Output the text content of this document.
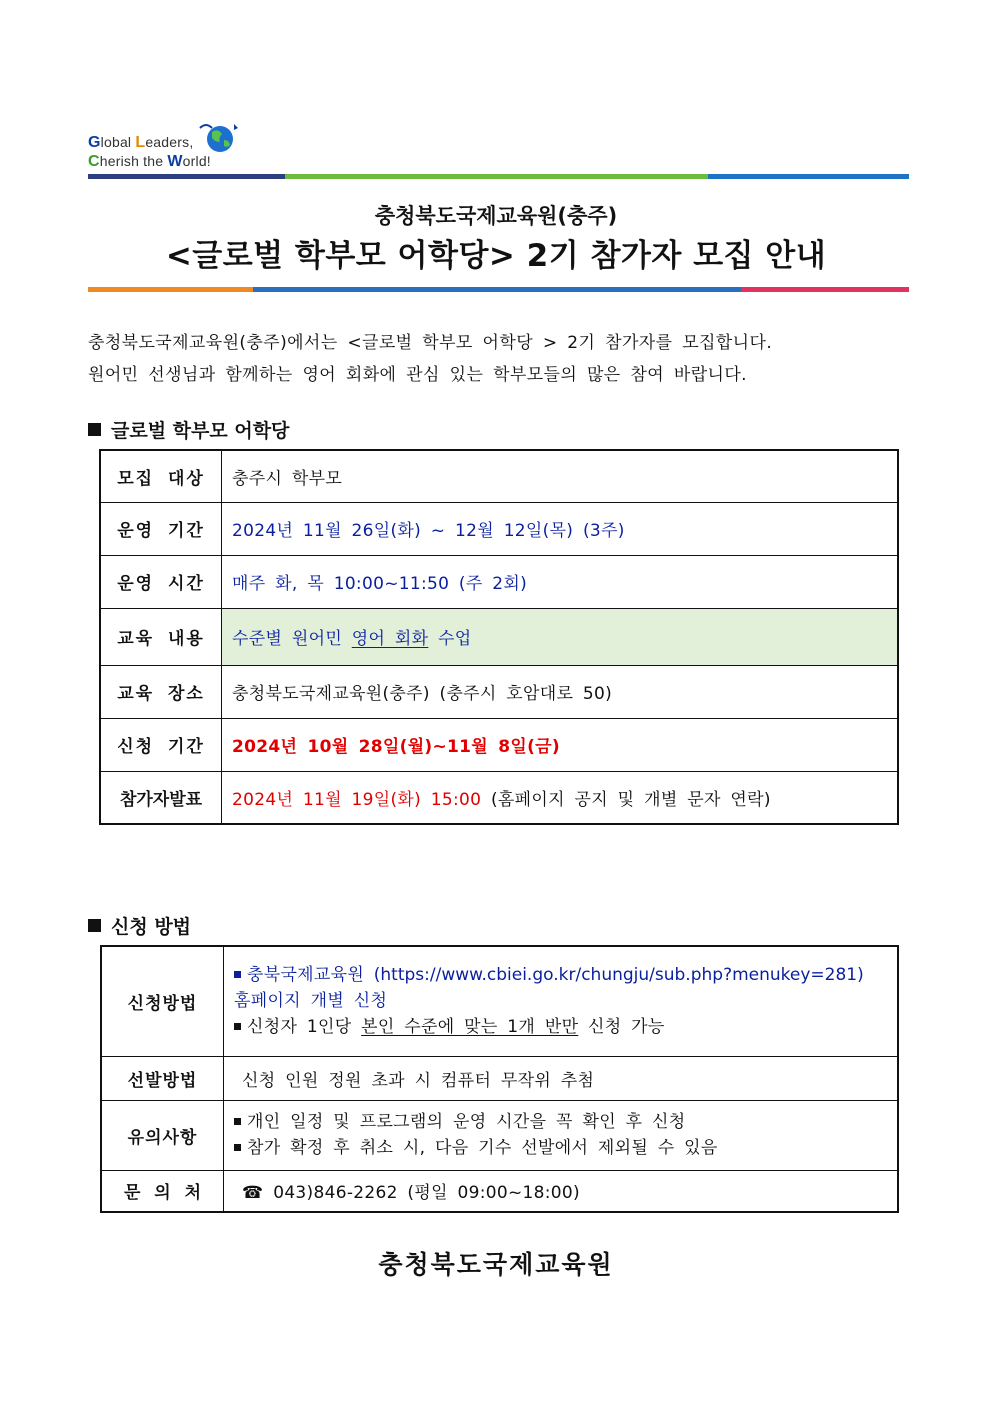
Global Leaders,
Cherish the World!
충청북도국제교육원(충주)
<글로벌 학부모 어학당> 2기 참가자 모집 안내
충청북도국제교육원(충주)에서는 <글로벌 학부모 어학당 > 2기 참가자를 모집합니다.
원어민 선생님과 함께하는 영어 회화에 관심 있는 학부모들의 많은 참여 바랍니다.
글로벌 학부모 어학당
모집 대상	충주시 학부모
운영 기간	2024년 11월 26일(화) ~ 12월 12일(목) (3주)
운영 시간	매주 화, 목 10:00~11:50 (주 2회)
교육 내용	수준별 원어민 영어 회화 수업
교육 장소	충청북도국제교육원(충주) (충주시 호암대로 50)
신청 기간	2024년 10월 28일(월)~11월 8일(금)
참가자발표	2024년 11월 19일(화) 15:00 (홈페이지 공지 및 개별 문자 연락)
신청 방법
신청방법	충북국제교육원 (https://www.cbiei.go.kr/chungju/sub.php?menukey=281)
홈페이지 개별 신청
신청자 1인당 본인 수준에 맞는 1개 반만 신청 가능

선발방법	신청 인원 정원 초과 시 컴퓨터 무작위 추첨
유의사항	개인 일정 및 프로그램의 운영 시간을 꼭 확인 후 신청
참가 확정 후 취소 시, 다음 기수 선발에서 제외될 수 있음

문 의 처	☎ 043)846-2262 (평일 09:00~18:00)
충청북도국제교육원
